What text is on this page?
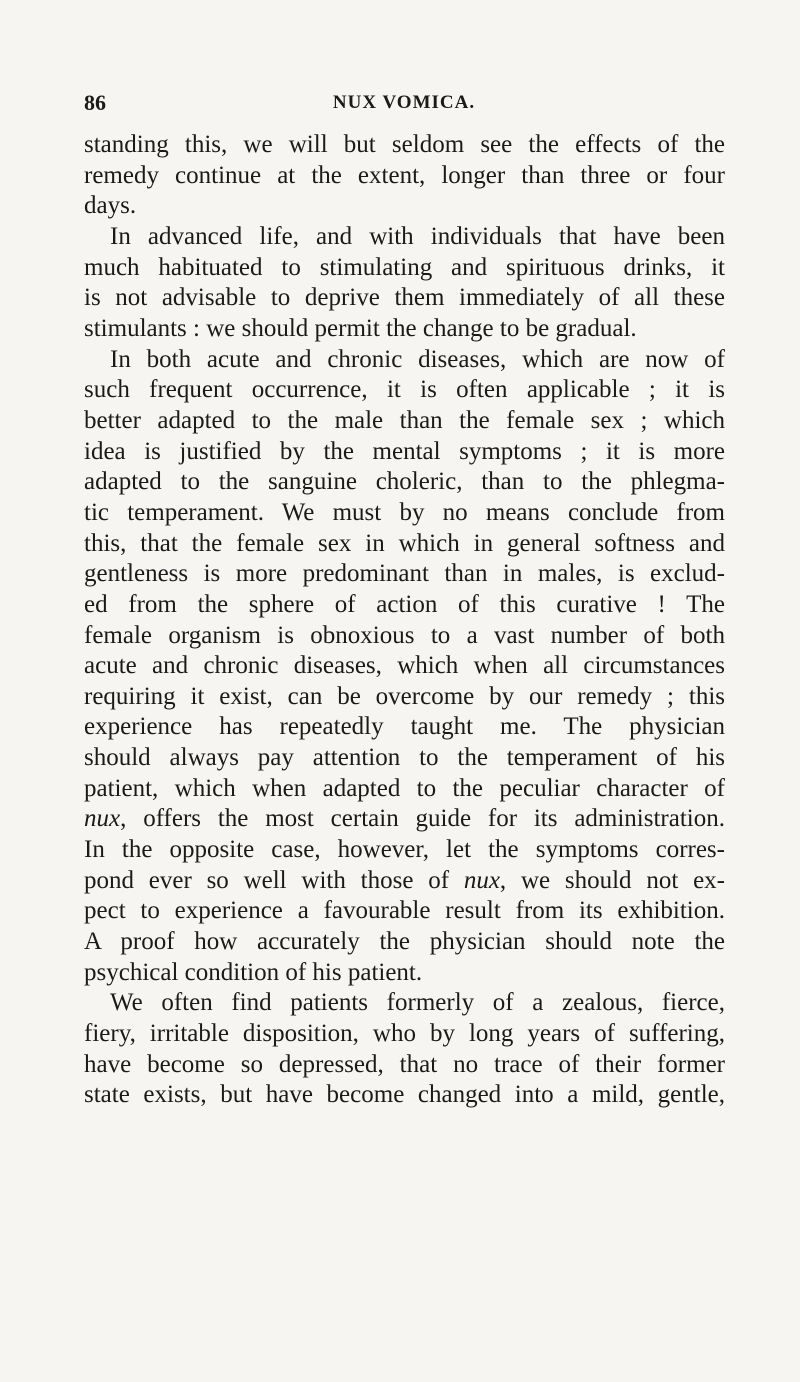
86	NUX VOMICA.
standing this, we will but seldom see the effects of the
remedy continue at the extent, longer than three or four
days.
In advanced life, and with individuals that have been
much habituated to stimulating and spirituous drinks, it
is not advisable to deprive them immediately of all these
stimulants : we should permit the change to be gradual.
In both acute and chronic diseases, which are now of
such frequent occurrence, it is often applicable ; it is
better adapted to the male than the female sex ; which
idea is justified by the mental symptoms ; it is more
adapted to the sanguine choleric, than to the phlegma-
tic temperament. We must by no means conclude from
this, that the female sex in which in general softness and
gentleness is more predominant than in males, is exclud-
ed from the sphere of action of this curative ! The
female organism is obnoxious to a vast number of both
acute and chronic diseases, which when all circumstances
requiring it exist, can be overcome by our remedy ; this
experience has repeatedly taught me. The physician
should always pay attention to the temperament of his
patient, which when adapted to the peculiar character of
nux, offers the most certain guide for its administration.
In the opposite case, however, let the symptoms corres-
pond ever so well with those of nux, we should not ex-
pect to experience a favourable result from its exhibition.
A proof how accurately the physician should note the
psychical condition of his patient.
We often find patients formerly of a zealous, fierce,
fiery, irritable disposition, who by long years of suffering,
have become so depressed, that no trace of their former
state exists, but have become changed into a mild, gentle,
